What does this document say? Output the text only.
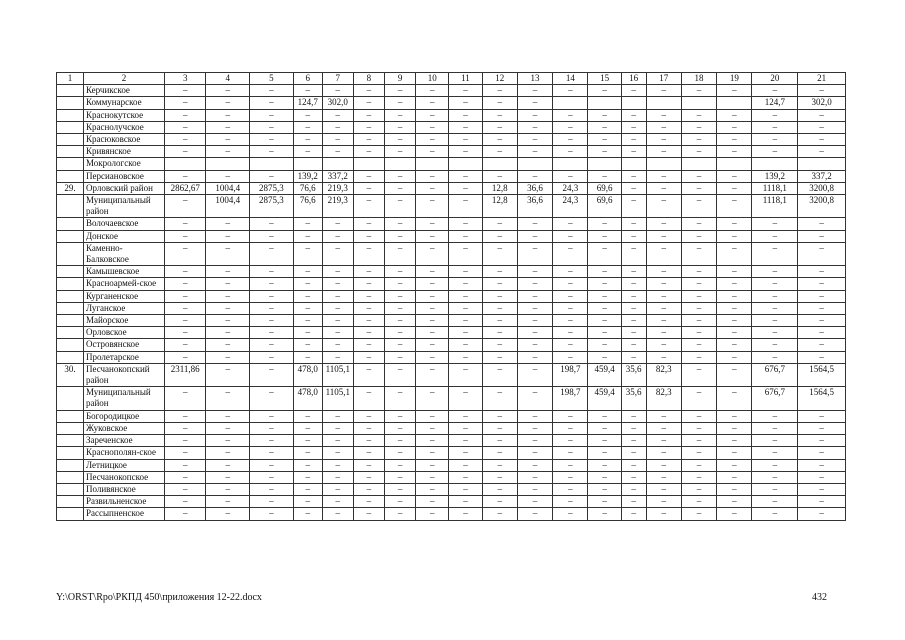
1	2	3	4	5	6	7	8	9	10	11	12	13	14	15	16	17	18	19	20	21
	Керчикское	–	–	–	–	–	–	–	–	–	–	–	–	–	–	–	–	–	–	–
	Коммунарское	–	–	–	124,7	302,0	–	–	–	–	–	–							124,7	302,0
	Краснокутское	–	–	–	–	–	–	–	–	–	–	–	–	–	–	–	–	–	–	–
	Краснолучское	–	–	–	–	–	–	–	–	–	–	–	–	–	–	–	–	–	–	–
	Красюковское	–	–	–	–	–	–	–	–	–	–	–	–	–	–	–	–	–	–	–
	Кривянское	–	–	–	–	–	–	–	–	–	–	–	–	–	–	–	–	–	–	–
	Мокрологское																			
	Персиановское	–	–	–	139,2	337,2	–	–	–	–	–	–	–	–	–	–	–	–	139,2	337,2
29.	Орловский район	2862,67	1004,4	2875,3	76,6	219,3	–	–	–	–	12,8	36,6	24,3	69,6	–	–	–	–	1118,1	3200,8
	Муниципальный район	–	1004,4	2875,3	76,6	219,3	–	–	–	–	12,8	36,6	24,3	69,6	–	–	–	–	1118,1	3200,8
	Волочаевское	–	–	–	–	–	–	–	–	–	–	–	–	–	–	–	–	–	–	–
	Донское	–	–	–	–	–	–	–	–	–	–	–	–	–	–	–	–	–	–	–
	Каменно-Балковское	–	–	–	–	–	–	–	–	–	–	–	–	–	–	–	–	–	–	–
	Камышевское	–	–	–	–	–	–	–	–	–	–	–	–	–	–	–	–	–	–	–
	Красноармей-ское	–	–	–	–	–	–	–	–	–	–	–	–	–	–	–	–	–	–	–
	Курганенское	–	–	–	–	–	–	–	–	–	–	–	–	–	–	–	–	–	–	–
	Луганское	–	–	–	–	–	–	–	–	–	–	–	–	–	–	–	–	–	–	–
	Майорское	–	–	–	–	–	–	–	–	–	–	–	–	–	–	–	–	–	–	–
	Орловское	–	–	–	–	–	–	–	–	–	–	–	–	–	–	–	–	–	–	–
	Островянское	–	–	–	–	–	–	–	–	–	–	–	–	–	–	–	–	–	–	–
	Пролетарское	–	–	–	–	–	–	–	–	–	–	–	–	–	–	–	–	–	–	–
30.	Песчанокопский район	2311,86	–	–	478,0	1105,1	–	–	–	–	–	–	198,7	459,4	35,6	82,3	–	–	676,7	1564,5
	Муниципальный район	–	–	–	478,0	1105,1	–	–	–	–	–	–	198,7	459,4	35,6	82,3	–	–	676,7	1564,5
	Богородицкое	–	–	–	–	–	–	–	–	–	–	–	–	–	–	–	–	–	–	–
	Жуковское	–	–	–	–	–	–	–	–	–	–	–	–	–	–	–	–	–	–	–
	Зареченское	–	–	–	–	–	–	–	–	–	–	–	–	–	–	–	–	–	–	–
	Краснополян-ское	–	–	–	–	–	–	–	–	–	–	–	–	–	–	–	–	–	–	–
	Летницкое	–	–	–	–	–	–	–	–	–	–	–	–	–	–	–	–	–	–	–
	Песчанокопское	–	–	–	–	–	–	–	–	–	–	–	–	–	–	–	–	–	–	–
	Поливянское	–	–	–	–	–	–	–	–	–	–	–	–	–	–	–	–	–	–	–
	Развильненское	–	–	–	–	–	–	–	–	–	–	–	–	–	–	–	–	–	–	–
	Рассыпненское	–	–	–	–	–	–	–	–	–	–	–	–	–	–	–	–	–	–	–
Y:\ORST\Rpo\РКПД 450\приложения 12-22.docx	432
